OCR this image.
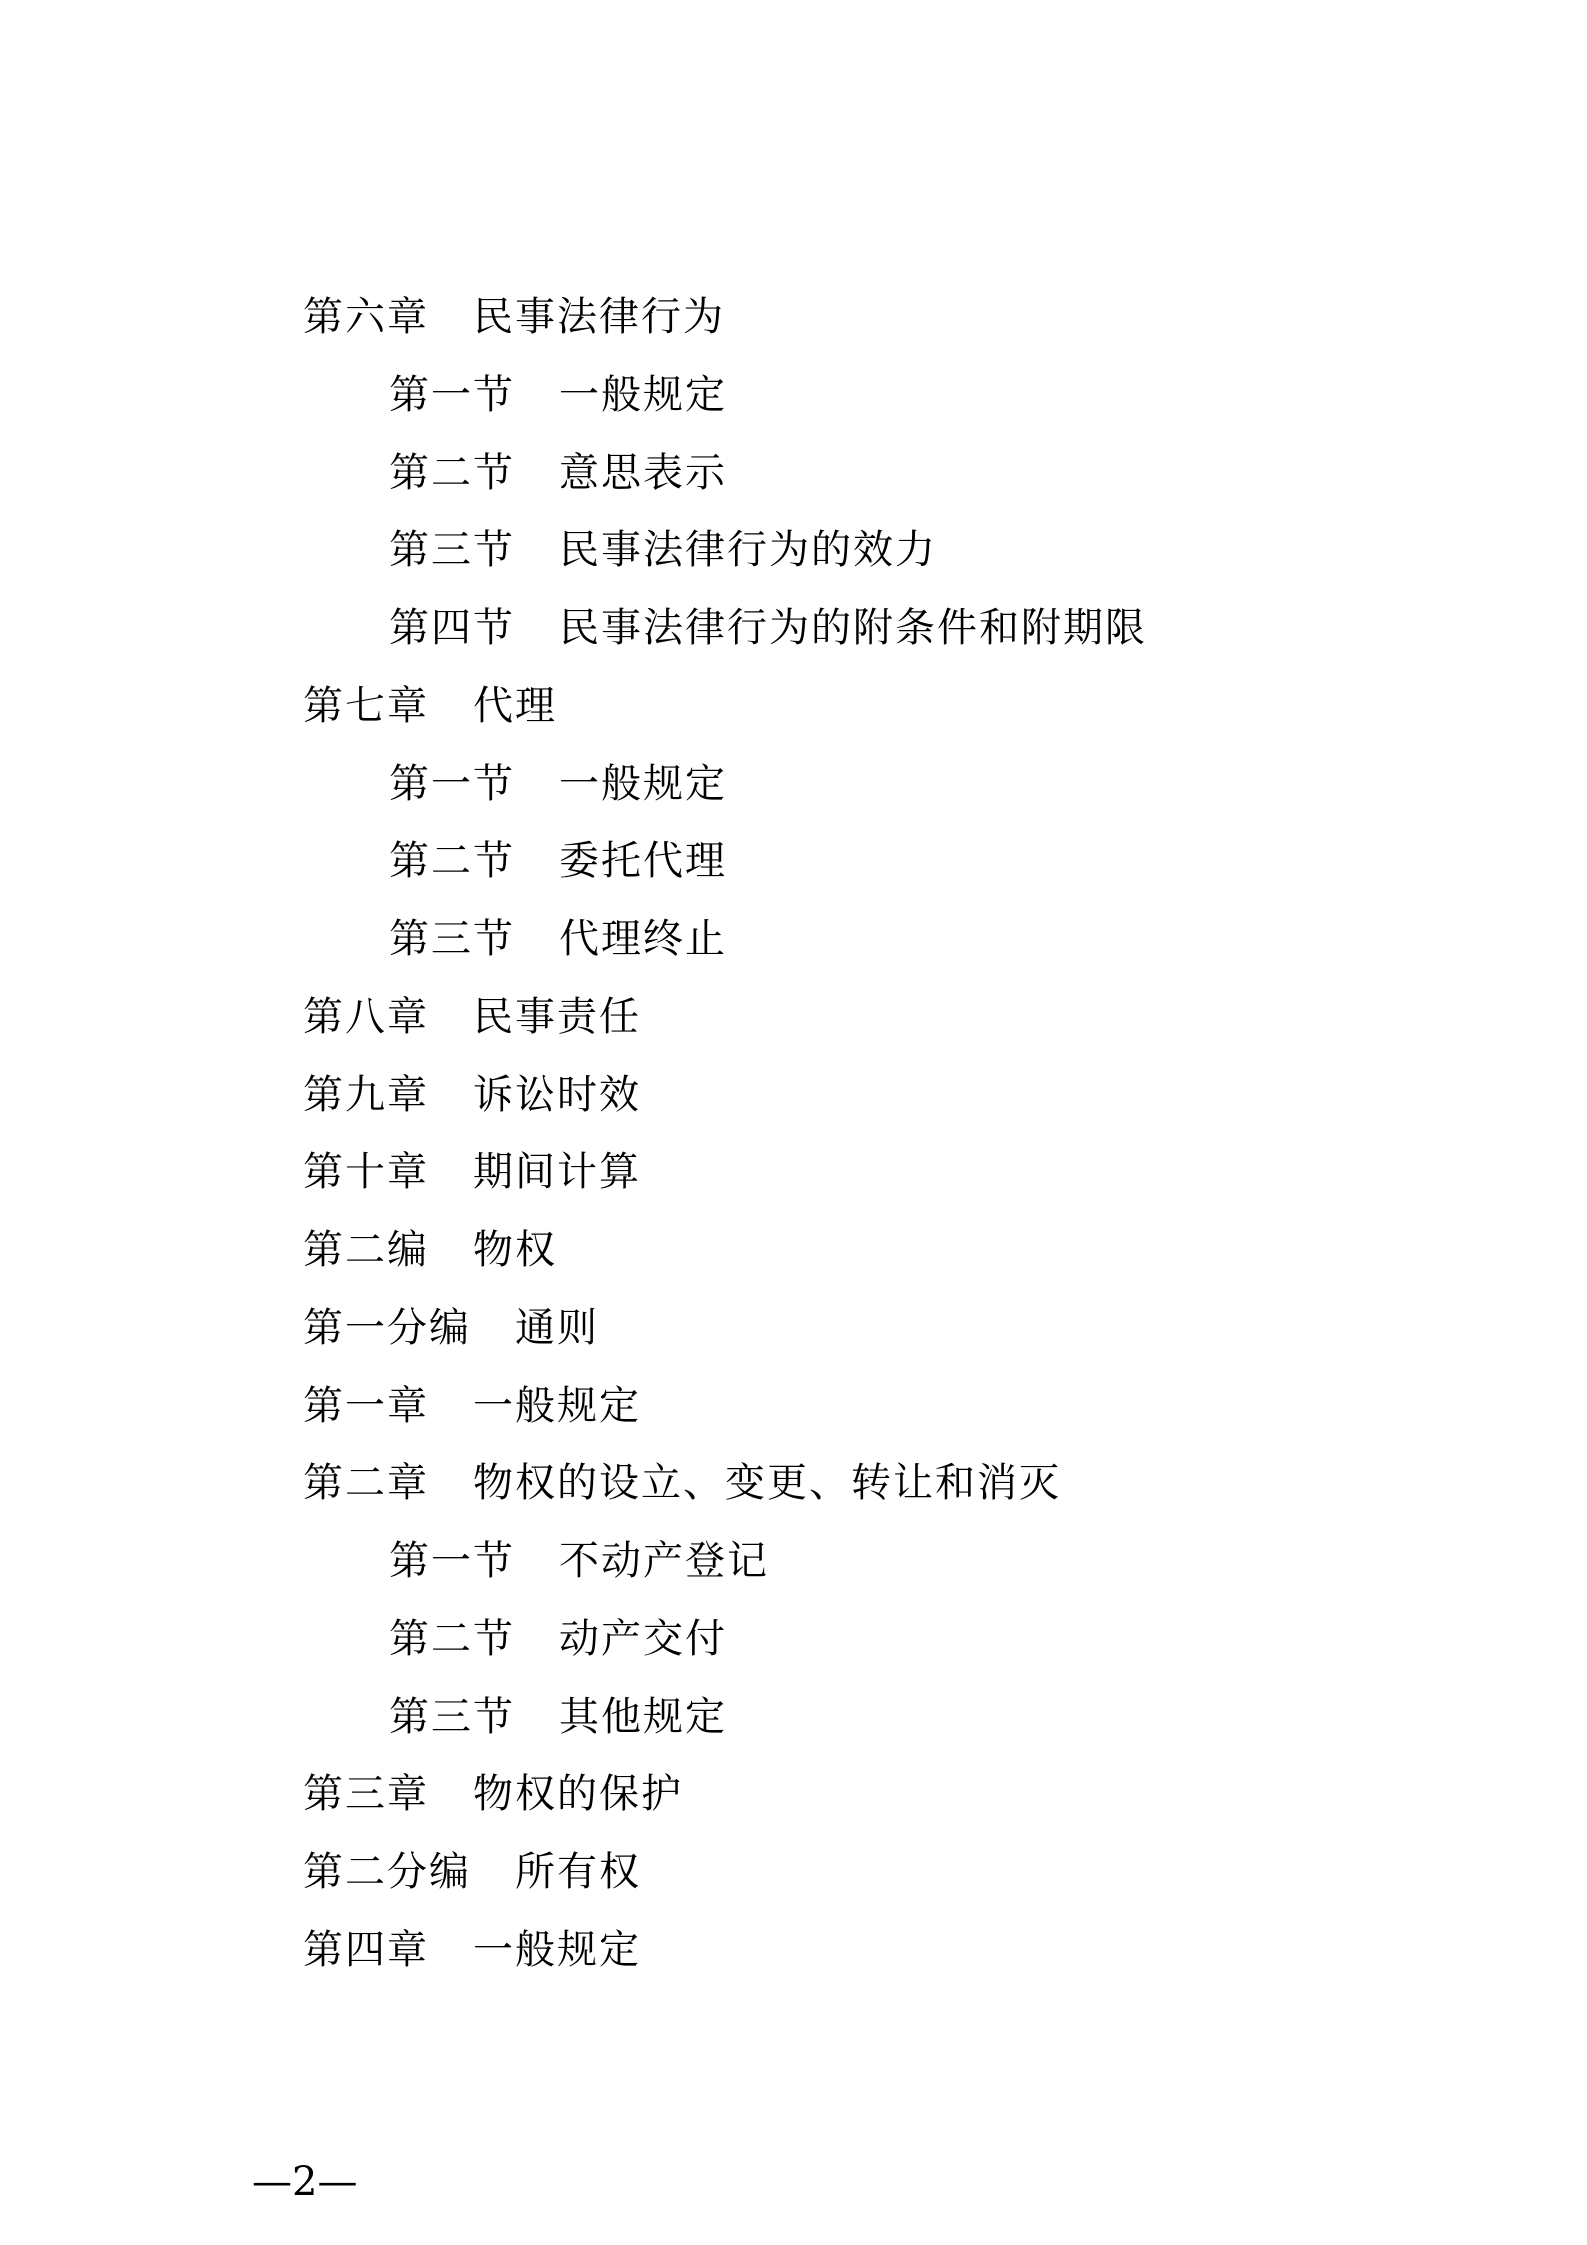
第六章 民事法律行为
第一节 一般规定
第二节 意思表示
第三节 民事法律行为的效力
第四节 民事法律行为的附条件和附期限
第七章 代理
第一节 一般规定
第二节 委托代理
第三节 代理终止
第八章 民事责任
第九章 诉讼时效
第十章 期间计算
第二编 物权
第一分编 通则
第一章 一般规定
第二章 物权的设立、变更、转让和消灭
第一节 不动产登记
第二节 动产交付
第三节 其他规定
第三章 物权的保护
第二分编 所有权
第四章 一般规定
—2—
